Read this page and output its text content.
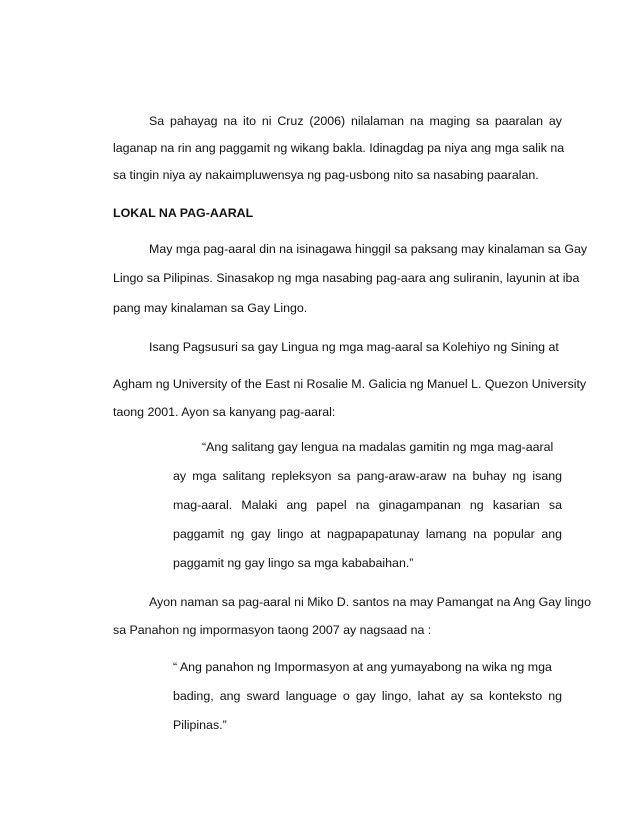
Sa pahayag na ito ni Cruz (2006) nilalaman na maging sa paaralan ay
laganap na rin ang paggamit ng wikang bakla. Idinagdag pa niya ang mga salik na
sa tingin niya ay nakaimpluwensya ng pag-usbong nito sa nasabing paaralan.
LOKAL NA PAG-AARAL
May mga pag-aaral din na isinagawa hinggil sa paksang may kinalaman sa Gay
Lingo sa Pilipinas. Sinasakop ng mga nasabing pag-aara ang suliranin, layunin at iba
pang may kinalaman sa Gay Lingo.
Isang Pagsusuri sa gay Lingua ng mga mag-aaral sa Kolehiyo ng Sining at
Agham ng University of the East ni Rosalie M. Galicia ng Manuel L. Quezon University
taong 2001. Ayon sa kanyang pag-aaral:
“Ang salitang gay lengua na madalas gamitin ng mga mag-aaral
ay mga salitang repleksyon sa pang-araw-araw na buhay ng isang
mag-aaral. Malaki ang papel na ginagampanan ng kasarian sa
paggamit ng gay lingo at nagpapapatunay lamang na popular ang
paggamit ng gay lingo sa mga kababaihan.”
Ayon naman sa pag-aaral ni Miko D. santos na may Pamangat na Ang Gay lingo
sa Panahon ng impormasyon taong 2007 ay nagsaad na :
“ Ang panahon ng Impormasyon at ang yumayabong na wika ng mga
bading, ang sward language o gay lingo, lahat ay sa konteksto ng
Pilipinas.”
